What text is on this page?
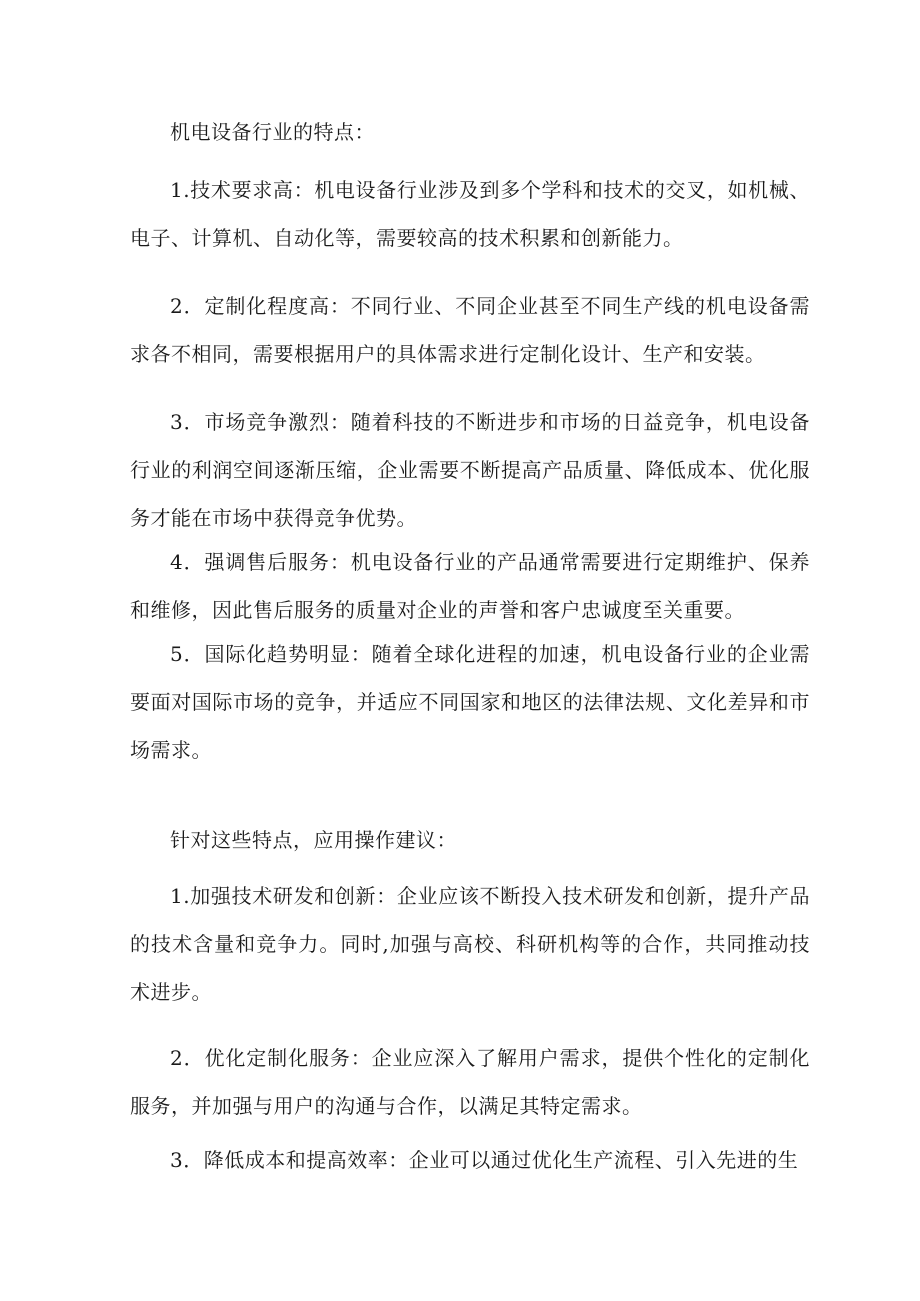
机电设备行业的特点：

1.技术要求高：机电设备行业涉及到多个学科和技术的交叉，如机械、电子、计算机、自动化等，需要较高的技术积累和创新能力。

2．定制化程度高：不同行业、不同企业甚至不同生产线的机电设备需求各不相同，需要根据用户的具体需求进行定制化设计、生产和安装。

3．市场竞争激烈：随着科技的不断进步和市场的日益竞争，机电设备行业的利润空间逐渐压缩，企业需要不断提高产品质量、降低成本、优化服务才能在市场中获得竞争优势。

4．强调售后服务：机电设备行业的产品通常需要进行定期维护、保养和维修，因此售后服务的质量对企业的声誉和客户忠诚度至关重要。

5．国际化趋势明显：随着全球化进程的加速，机电设备行业的企业需要面对国际市场的竞争，并适应不同国家和地区的法律法规、文化差异和市场需求。

针对这些特点，应用操作建议：

1.加强技术研发和创新：企业应该不断投入技术研发和创新，提升产品的技术含量和竞争力。同时,加强与高校、科研机构等的合作，共同推动技术进步。

2．优化定制化服务：企业应深入了解用户需求，提供个性化的定制化服务，并加强与用户的沟通与合作，以满足其特定需求。

3．降低成本和提高效率：企业可以通过优化生产流程、引入先进的生
